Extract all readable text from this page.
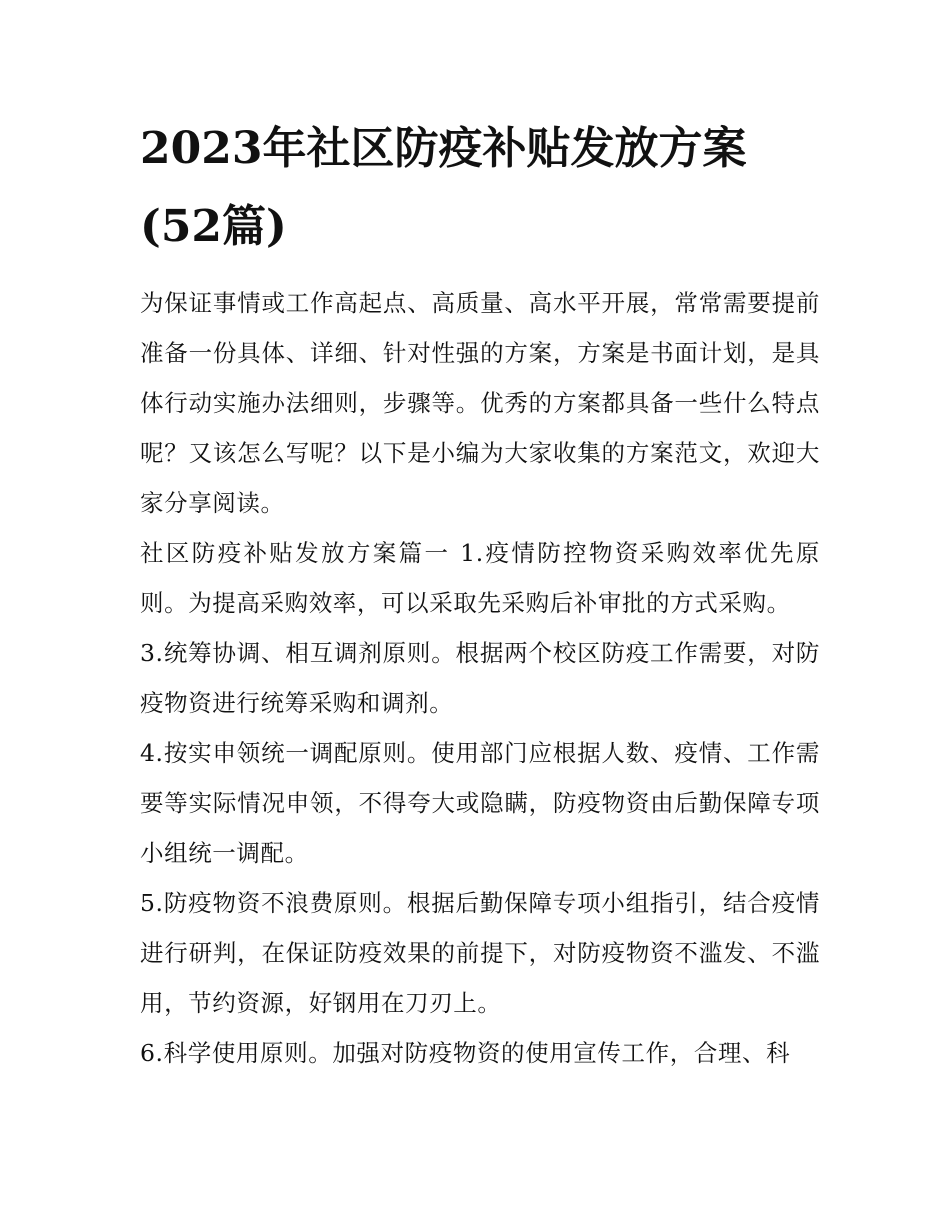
2023年社区防疫补贴发放方案(52篇)

为保证事情或工作高起点、高质量、高水平开展，常常需要提前准备一份具体、详细、针对性强的方案，方案是书面计划，是具体行动实施办法细则，步骤等。优秀的方案都具备一些什么特点呢？又该怎么写呢？以下是小编为大家收集的方案范文，欢迎大家分享阅读。

社区防疫补贴发放方案篇一 1.疫情防控物资采购效率优先原则。为提高采购效率，可以采取先采购后补审批的方式采购。

3.统筹协调、相互调剂原则。根据两个校区防疫工作需要，对防疫物资进行统筹采购和调剂。

4.按实申领统一调配原则。使用部门应根据人数、疫情、工作需要等实际情况申领，不得夸大或隐瞒，防疫物资由后勤保障专项小组统一调配。

5.防疫物资不浪费原则。根据后勤保障专项小组指引，结合疫情进行研判，在保证防疫效果的前提下，对防疫物资不滥发、不滥用，节约资源，好钢用在刀刃上。

6.科学使用原则。加强对防疫物资的使用宣传工作，合理、科
